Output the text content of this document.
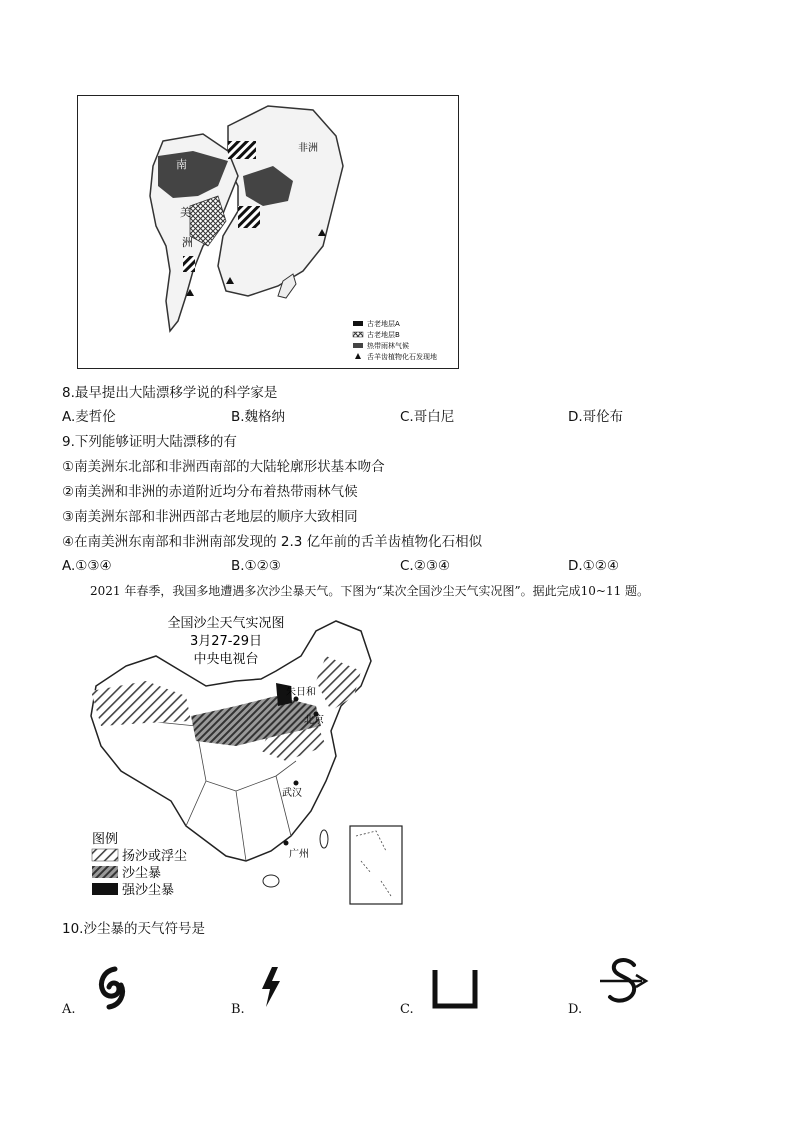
非洲
南
美
洲
古老地层A
古老地层B
热带雨林气候
舌羊齿植物化石发现地
8.最早提出大陆漂移学说的科学家是
A.麦哲伦	B.魏格纳	C.哥白尼	D.哥伦布
9.下列能够证明大陆漂移的有
①南美洲东北部和非洲西南部的大陆轮廓形状基本吻合
②南美洲和非洲的赤道附近均分布着热带雨林气候
③南美洲东部和非洲西部古老地层的顺序大致相同
④在南美洲东南部和非洲南部发现的 2.3 亿年前的舌羊齿植物化石相似
A.①③④	B.①②③	C.②③④	D.①②④
2021 年春季，我国多地遭遇多次沙尘暴天气。下图为“某次全国沙尘天气实况图”。据此完成10~11 题。
朱日和
北京
武汉
广州
全国沙尘天气实况图
3月27-29日
中央电视台
图例
扬沙或浮尘
沙尘暴
强沙尘暴
10.沙尘暴的天气符号是
A.	B.	C.	D.
